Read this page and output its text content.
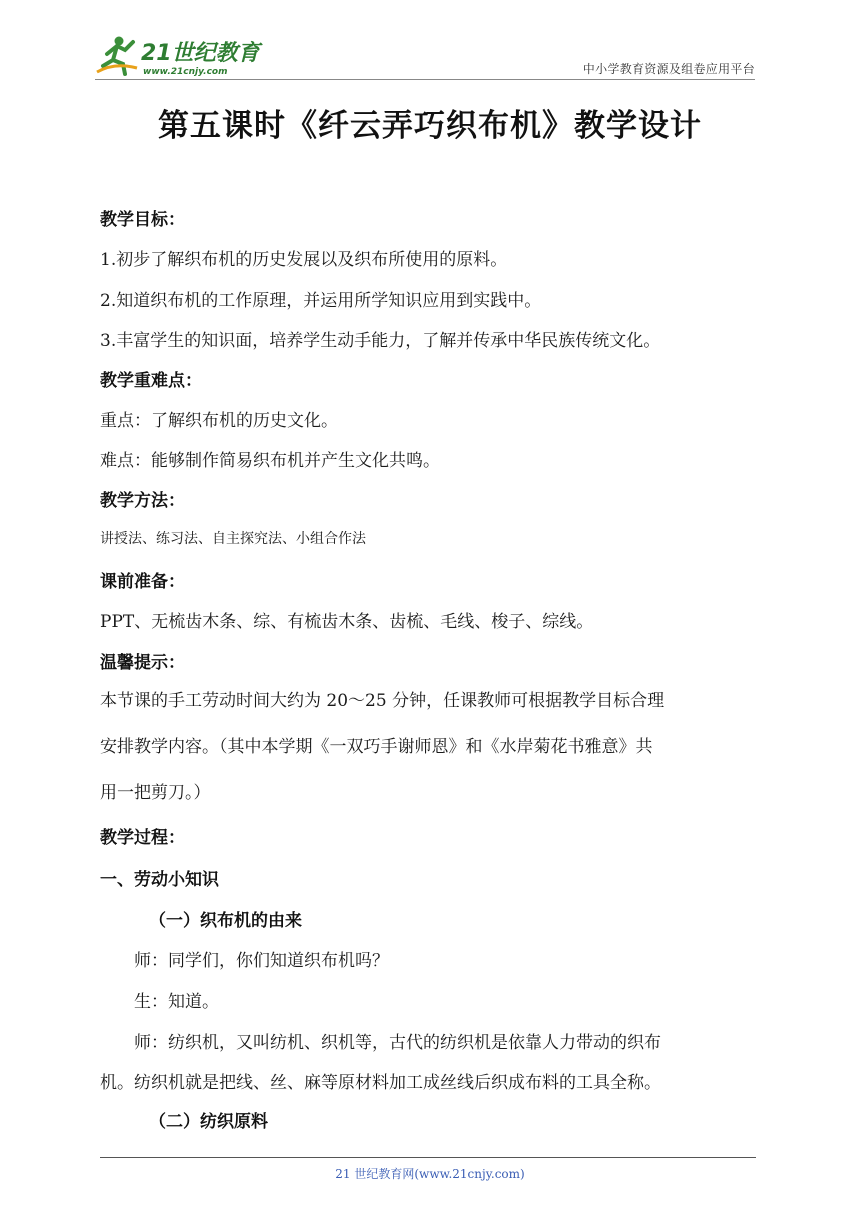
21世纪教育
www.21cnjy.com	中小学教育资源及组卷应用平台
第五课时《纤云弄巧织布机》教学设计
教学目标：
1.初步了解织布机的历史发展以及织布所使用的原料。
2.知道织布机的工作原理，并运用所学知识应用到实践中。
3.丰富学生的知识面，培养学生动手能力，了解并传承中华民族传统文化。
教学重难点：
重点：了解织布机的历史文化。
难点：能够制作简易织布机并产生文化共鸣。
教学方法：
讲授法、练习法、自主探究法、小组合作法
课前准备：
PPT、无梳齿木条、综、有梳齿木条、齿梳、毛线、梭子、综线。
温馨提示：
本节课的手工劳动时间大约为 20～25 分钟，任课教师可根据教学目标合理
安排教学内容。（其中本学期《一双巧手谢师恩》和《水岸菊花书雅意》共
用一把剪刀。）
教学过程：
一、劳动小知识
（一）织布机的由来
师：同学们，你们知道织布机吗？
生：知道。
师：纺织机，又叫纺机、织机等，古代的纺织机是依靠人力带动的织布
机。纺织机就是把线、丝、麻等原材料加工成丝线后织成布料的工具全称。
（二）纺织原料
21 世纪教育网(www.21cnjy.com)
